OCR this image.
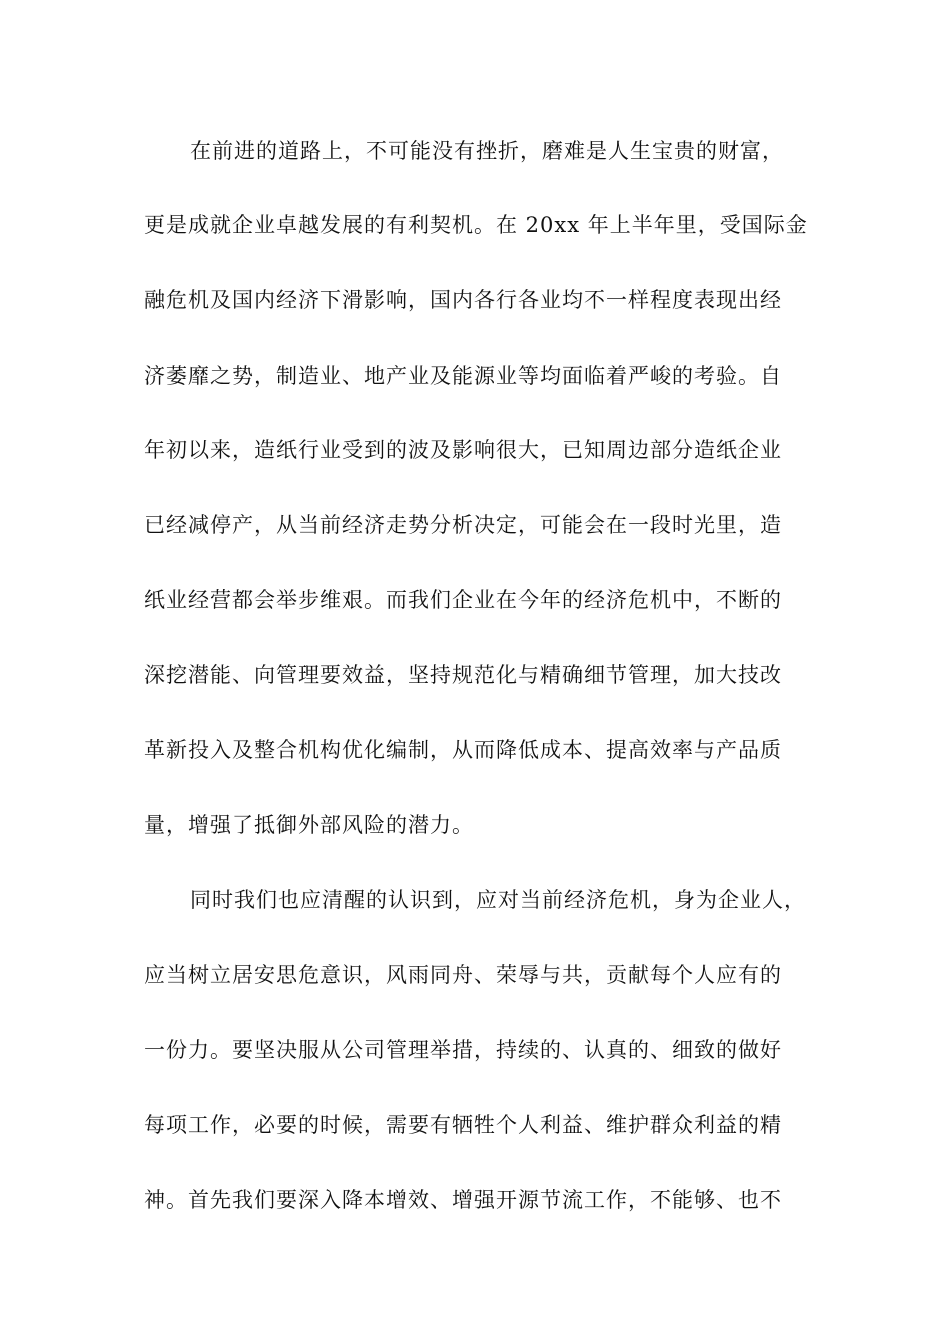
在前进的道路上，不可能没有挫折，磨难是人生宝贵的财富，
更是成就企业卓越发展的有利契机。在 20xx 年上半年里，受国际金
融危机及国内经济下滑影响，国内各行各业均不一样程度表现出经
济萎靡之势，制造业、地产业及能源业等均面临着严峻的考验。自
年初以来，造纸行业受到的波及影响很大，已知周边部分造纸企业
已经减停产，从当前经济走势分析决定，可能会在一段时光里，造
纸业经营都会举步维艰。而我们企业在今年的经济危机中，不断的
深挖潜能、向管理要效益，坚持规范化与精确细节管理，加大技改
革新投入及整合机构优化编制，从而降低成本、提高效率与产品质
量，增强了抵御外部风险的潜力。
同时我们也应清醒的认识到，应对当前经济危机，身为企业人，
应当树立居安思危意识，风雨同舟、荣辱与共，贡献每个人应有的
一份力。要坚决服从公司管理举措，持续的、认真的、细致的做好
每项工作，必要的时候，需要有牺牲个人利益、维护群众利益的精
神。首先我们要深入降本增效、增强开源节流工作，不能够、也不
